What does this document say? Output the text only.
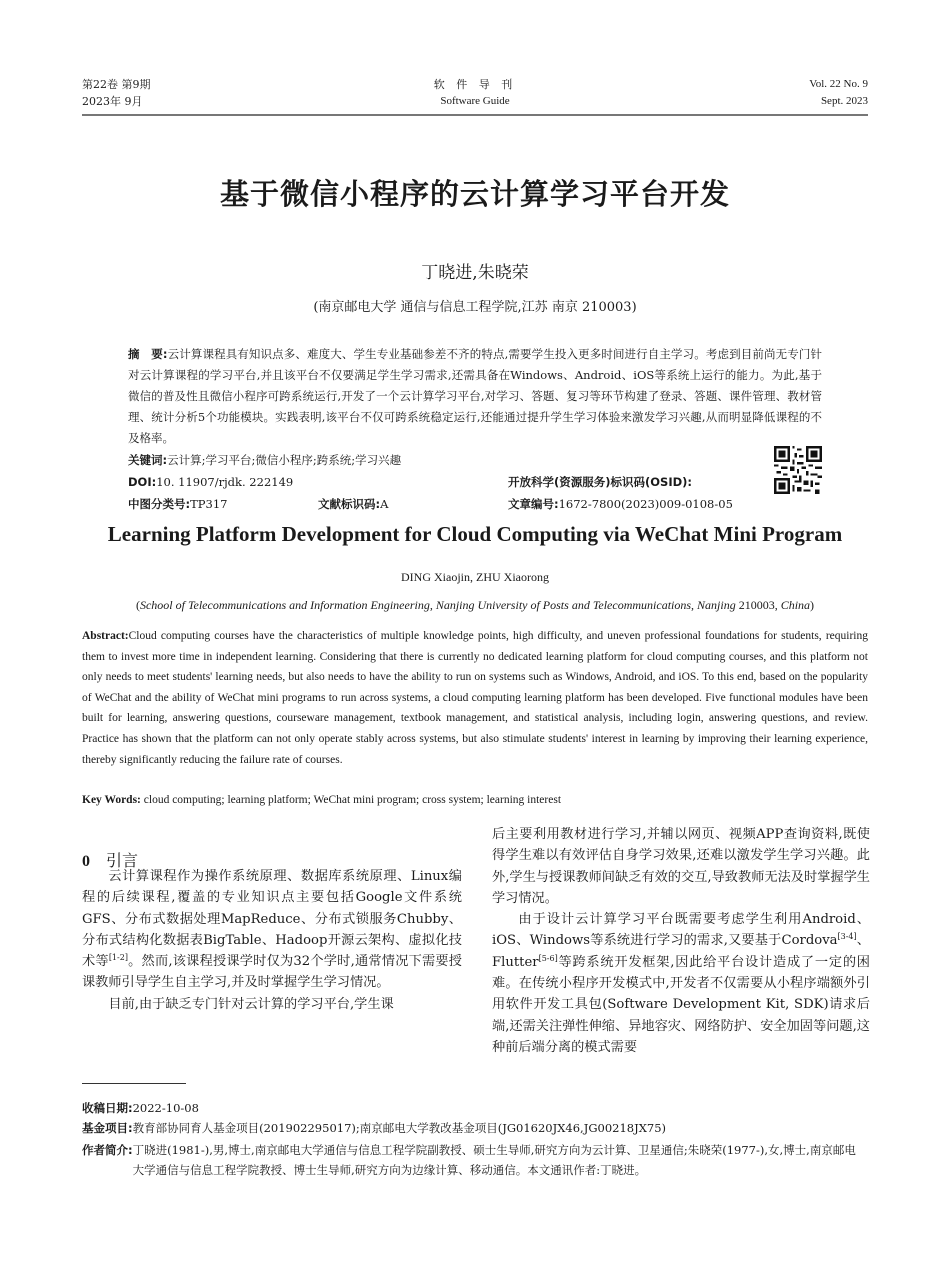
第22卷 第9期
2023年 9月
软 件 导 刊
Software Guide
Vol. 22 No. 9
Sept. 2023
基于微信小程序的云计算学习平台开发
丁晓进,朱晓荣
(南京邮电大学 通信与信息工程学院,江苏 南京 210003)
摘　要:云计算课程具有知识点多、难度大、学生专业基础参差不齐的特点,需要学生投入更多时间进行自主学习。考虑到目前尚无专门针对云计算课程的学习平台,并且该平台不仅要满足学生学习需求,还需具备在Windows、Android、iOS等系统上运行的能力。为此,基于微信的普及性且微信小程序可跨系统运行,开发了一个云计算学习平台,对学习、答题、复习等环节构建了登录、答题、课件管理、教材管理、统计分析5个功能模块。实践表明,该平台不仅可跨系统稳定运行,还能通过提升学生学习体验来激发学习兴趣,从而明显降低课程的不及格率。
关键词:云计算;学习平台;微信小程序;跨系统;学习兴趣
DOI:10. 11907/rjdk. 222149	开放科学(资源服务)标识码(OSID):
中图分类号:TP317	文献标识码:A	文章编号:1672-7800(2023)009-0108-05
Learning Platform Development for Cloud Computing via WeChat Mini Program
DING Xiaojin, ZHU Xiaorong
(School of Telecommunications and Information Engineering, Nanjing University of Posts and Telecommunications, Nanjing 210003, China)
Abstract:Cloud computing courses have the characteristics of multiple knowledge points, high difficulty, and uneven professional foundations for students, requiring them to invest more time in independent learning. Considering that there is currently no dedicated learning platform for cloud computing courses, and this platform not only needs to meet students' learning needs, but also needs to have the ability to run on systems such as Windows, Android, and iOS. To this end, based on the popularity of WeChat and the ability of WeChat mini programs to run across systems, a cloud computing learning platform has been developed. Five functional modules have been built for learning, answering questions, courseware management, textbook management, and statistical analysis, including login, answering questions, and review. Practice has shown that the platform can not only operate stably across systems, but also stimulate students' interest in learning by improving their learning experience, thereby significantly reducing the failure rate of courses.
Key Words: cloud computing; learning platform; WeChat mini program; cross system; learning interest
0 引言

云计算课程作为操作系统原理、数据库系统原理、Linux编程的后续课程,覆盖的专业知识点主要包括Google文件系统GFS、分布式数据处理MapReduce、分布式锁服务Chubby、分布式结构化数据表BigTable、Hadoop开源云架构、虚拟化技术等[1-2]。然而,该课程授课学时仅为32个学时,通常情况下需要授课教师引导学生自主学习,并及时掌握学生学习情况。

目前,由于缺乏专门针对云计算的学习平台,学生课

后主要利用教材进行学习,并辅以网页、视频APP查询资料,既使得学生难以有效评估自身学习效果,还难以激发学生学习兴趣。此外,学生与授课教师间缺乏有效的交互,导致教师无法及时掌握学生学习情况。

由于设计云计算学习平台既需要考虑学生利用Android、iOS、Windows等系统进行学习的需求,又要基于Cordova[3-4]、Flutter[5-6]等跨系统开发框架,因此给平台设计造成了一定的困难。在传统小程序开发模式中,开发者不仅需要从小程序端额外引用软件开发工具包(Software Development Kit, SDK)请求后端,还需关注弹性伸缩、异地容灾、网络防护、安全加固等问题,这种前后端分离的模式需要

收稿日期:2022-10-08
基金项目:教育部协同育人基金项目(201902295017);南京邮电大学教改基金项目(JG01620JX46,JG00218JX75)
作者简介:丁晓进(1981-),男,博士,南京邮电大学通信与信息工程学院副教授、硕士生导师,研究方向为云计算、卫星通信;朱晓荣(1977-),女,博士,南京邮电大学通信与信息工程学院教授、博士生导师,研究方向为边缘计算、移动通信。本文通讯作者:丁晓进。
